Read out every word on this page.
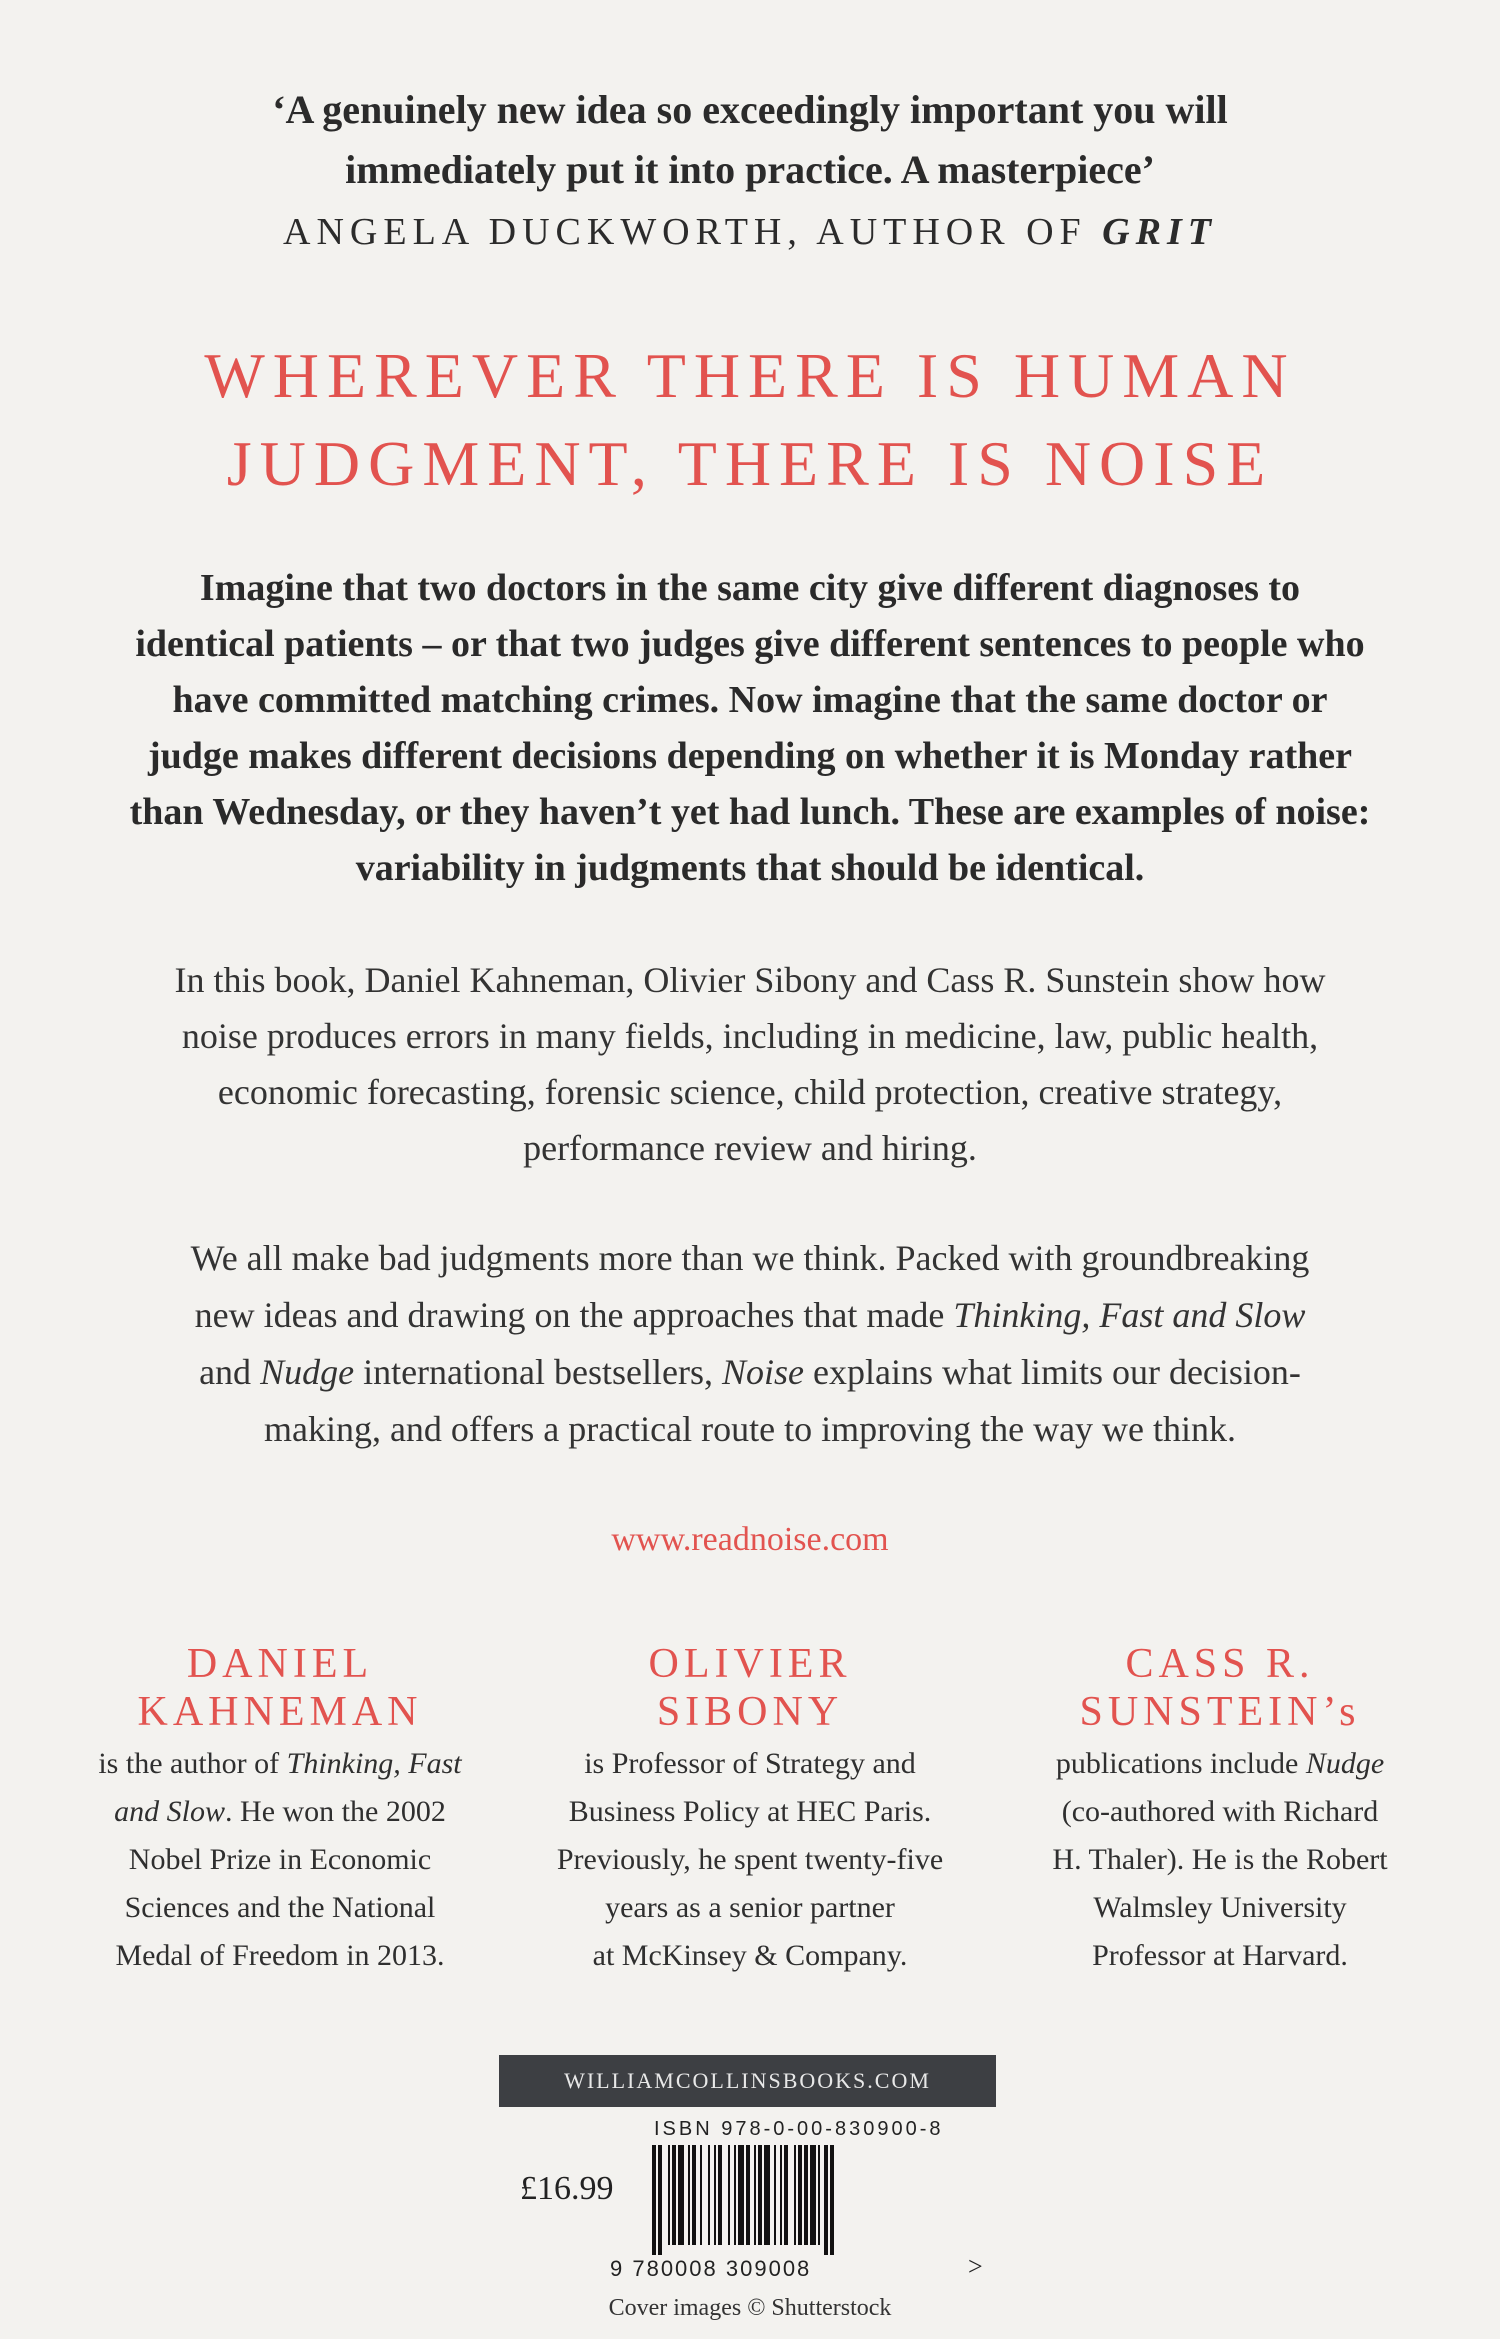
‘A genuinely new idea so exceedingly important you will
immediately put it into practice. A masterpiece’
ANGELA DUCKWORTH, AUTHOR OF GRIT
WHEREVER THERE IS HUMAN
JUDGMENT, THERE IS NOISE
Imagine that two doctors in the same city give different diagnoses to
identical patients – or that two judges give different sentences to people who
have committed matching crimes. Now imagine that the same doctor or
judge makes different decisions depending on whether it is Monday rather
than Wednesday, or they haven’t yet had lunch. These are examples of noise:
variability in judgments that should be identical.
In this book, Daniel Kahneman, Olivier Sibony and Cass R. Sunstein show how
noise produces errors in many fields, including in medicine, law, public health,
economic forecasting, forensic science, child protection, creative strategy,
performance review and hiring.
We all make bad judgments more than we think. Packed with groundbreaking
new ideas and drawing on the approaches that made Thinking, Fast and Slow
and Nudge international bestsellers, Noise explains what limits our decision-
making, and offers a practical route to improving the way we think.
www.readnoise.com
DANIEL
KAHNEMAN
is the author of Thinking, Fast
and Slow. He won the 2002
Nobel Prize in Economic
Sciences and the National
Medal of Freedom in 2013.
OLIVIER
SIBONY
is Professor of Strategy and
Business Policy at HEC Paris.
Previously, he spent twenty-five
years as a senior partner
at McKinsey & Company.
CASS R.
SUNSTEIN’s
publications include Nudge
(co-authored with Richard
H. Thaler). He is the Robert
Walmsley University
Professor at Harvard.
WILLIAMCOLLINSBOOKS.COM
ISBN 978-0-00-830900-8
£16.99
9 780008 309008	>
Cover images © Shutterstock
